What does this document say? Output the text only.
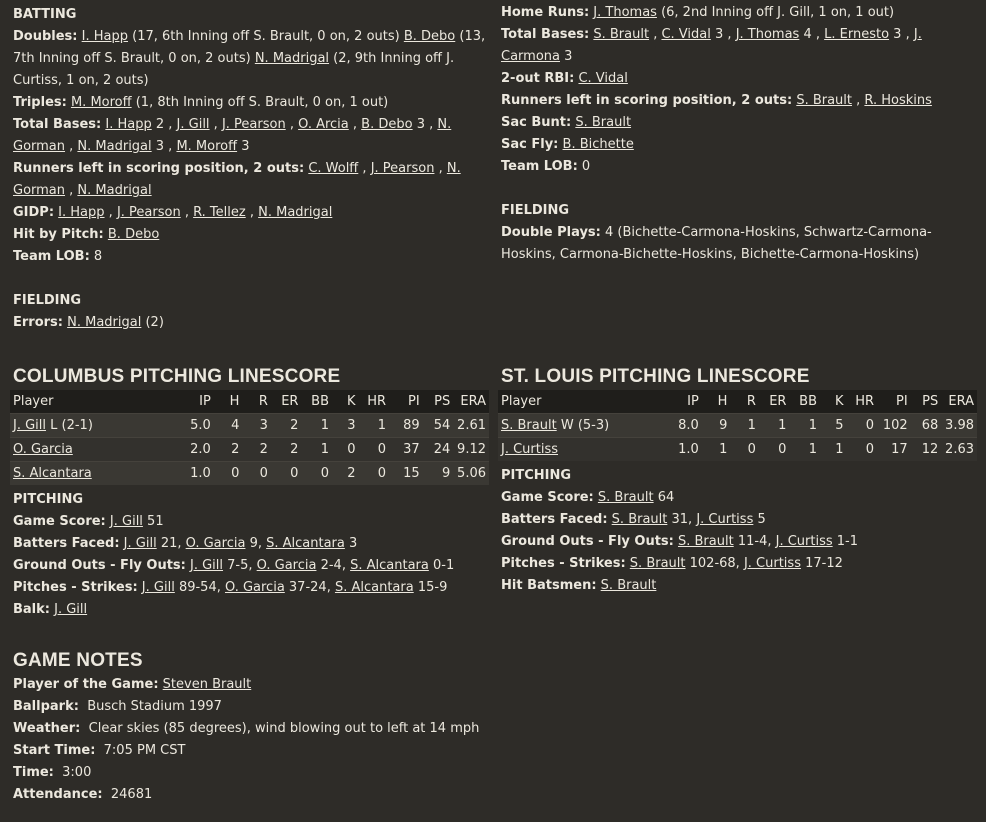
BATTING
Doubles: I. Happ (17, 6th Inning off S. Brault, 0 on, 2 outs) B. Debo (13, 7th Inning off S. Brault, 0 on, 2 outs) N. Madrigal (2, 9th Inning off J. Curtiss, 1 on, 2 outs)
Triples: M. Moroff (1, 8th Inning off S. Brault, 0 on, 1 out)
Total Bases: I. Happ 2 , J. Gill , J. Pearson , O. Arcia , B. Debo 3 , N. Gorman , N. Madrigal 3 , M. Moroff 3
Runners left in scoring position, 2 outs: C. Wolff , J. Pearson , N. Gorman , N. Madrigal
GIDP: I. Happ , J. Pearson , R. Tellez , N. Madrigal
Hit by Pitch: B. Debo
Team LOB: 8
FIELDING
Errors: N. Madrigal (2)
Home Runs: J. Thomas (6, 2nd Inning off J. Gill, 1 on, 1 out)
Total Bases: S. Brault , C. Vidal 3 , J. Thomas 4 , L. Ernesto 3 , J. Carmona 3
2-out RBI: C. Vidal
Runners left in scoring position, 2 outs: S. Brault , R. Hoskins
Sac Bunt: S. Brault
Sac Fly: B. Bichette
Team LOB: 0
FIELDING
Double Plays: 4 (Bichette-Carmona-Hoskins, Schwartz-Carmona-Hoskins, Carmona-Bichette-Hoskins, Bichette-Carmona-Hoskins)
COLUMBUS PITCHING LINESCORE
Player	IP	H	R	ER	BB	K	HR	PI	PS	ERA
J. Gill L (2-1)	5.0	4	3	2	1	3	1	89	54	2.61
O. Garcia	2.0	2	2	2	1	0	0	37	24	9.12
S. Alcantara	1.0	0	0	0	0	2	0	15	9	5.06
PITCHING
Game Score: J. Gill 51
Batters Faced: J. Gill 21, O. Garcia 9, S. Alcantara 3
Ground Outs - Fly Outs: J. Gill 7-5, O. Garcia 2-4, S. Alcantara 0-1
Pitches - Strikes: J. Gill 89-54, O. Garcia 37-24, S. Alcantara 15-9
Balk: J. Gill
ST. LOUIS PITCHING LINESCORE
Player	IP	H	R	ER	BB	K	HR	PI	PS	ERA
S. Brault W (5-3)	8.0	9	1	1	1	5	0	102	68	3.98
J. Curtiss	1.0	1	0	0	1	1	0	17	12	2.63
PITCHING
Game Score: S. Brault 64
Batters Faced: S. Brault 31, J. Curtiss 5
Ground Outs - Fly Outs: S. Brault 11-4, J. Curtiss 1-1
Pitches - Strikes: S. Brault 102-68, J. Curtiss 17-12
Hit Batsmen: S. Brault
GAME NOTES
Player of the Game: Steven Brault
Ballpark:  Busch Stadium 1997
Weather:  Clear skies (85 degrees), wind blowing out to left at 14 mph
Start Time:  7:05 PM CST
Time:  3:00
Attendance:  24681
